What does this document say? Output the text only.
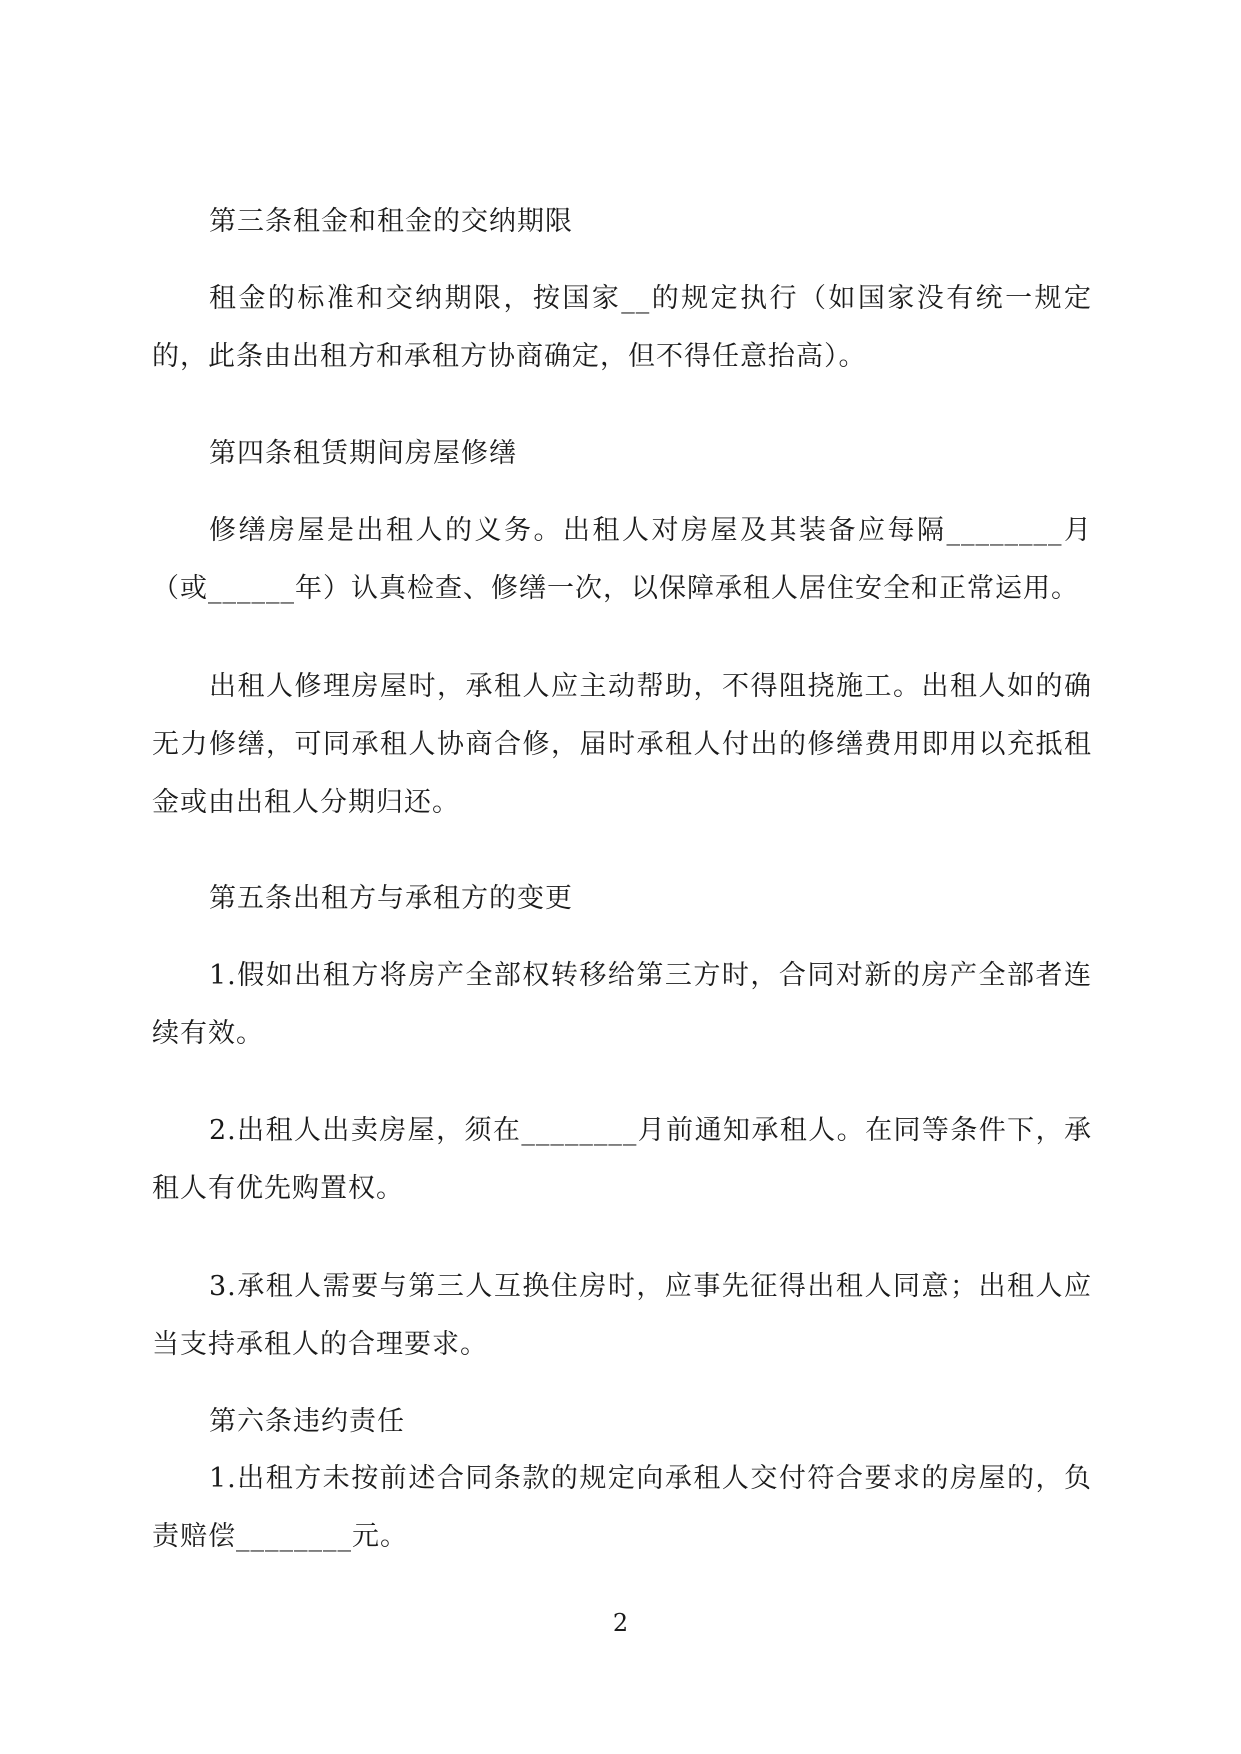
第三条租金和租金的交纳期限

租金的标准和交纳期限，按国家__的规定执行（如国家没有统一规定的，此条由出租方和承租方协商确定，但不得任意抬高）。

第四条租赁期间房屋修缮

修缮房屋是出租人的义务。出租人对房屋及其装备应每隔________月（或______年）认真检查、修缮一次，以保障承租人居住安全和正常运用。

出租人修理房屋时，承租人应主动帮助，不得阻挠施工。出租人如的确无力修缮，可同承租人协商合修，届时承租人付出的修缮费用即用以充抵租金或由出租人分期归还。

第五条出租方与承租方的变更

1.假如出租方将房产全部权转移给第三方时，合同对新的房产全部者连续有效。

2.出租人出卖房屋，须在________月前通知承租人。在同等条件下，承租人有优先购置权。

3.承租人需要与第三人互换住房时，应事先征得出租人同意；出租人应当支持承租人的合理要求。

第六条违约责任

1.出租方未按前述合同条款的规定向承租人交付符合要求的房屋的，负责赔偿________元。

2
